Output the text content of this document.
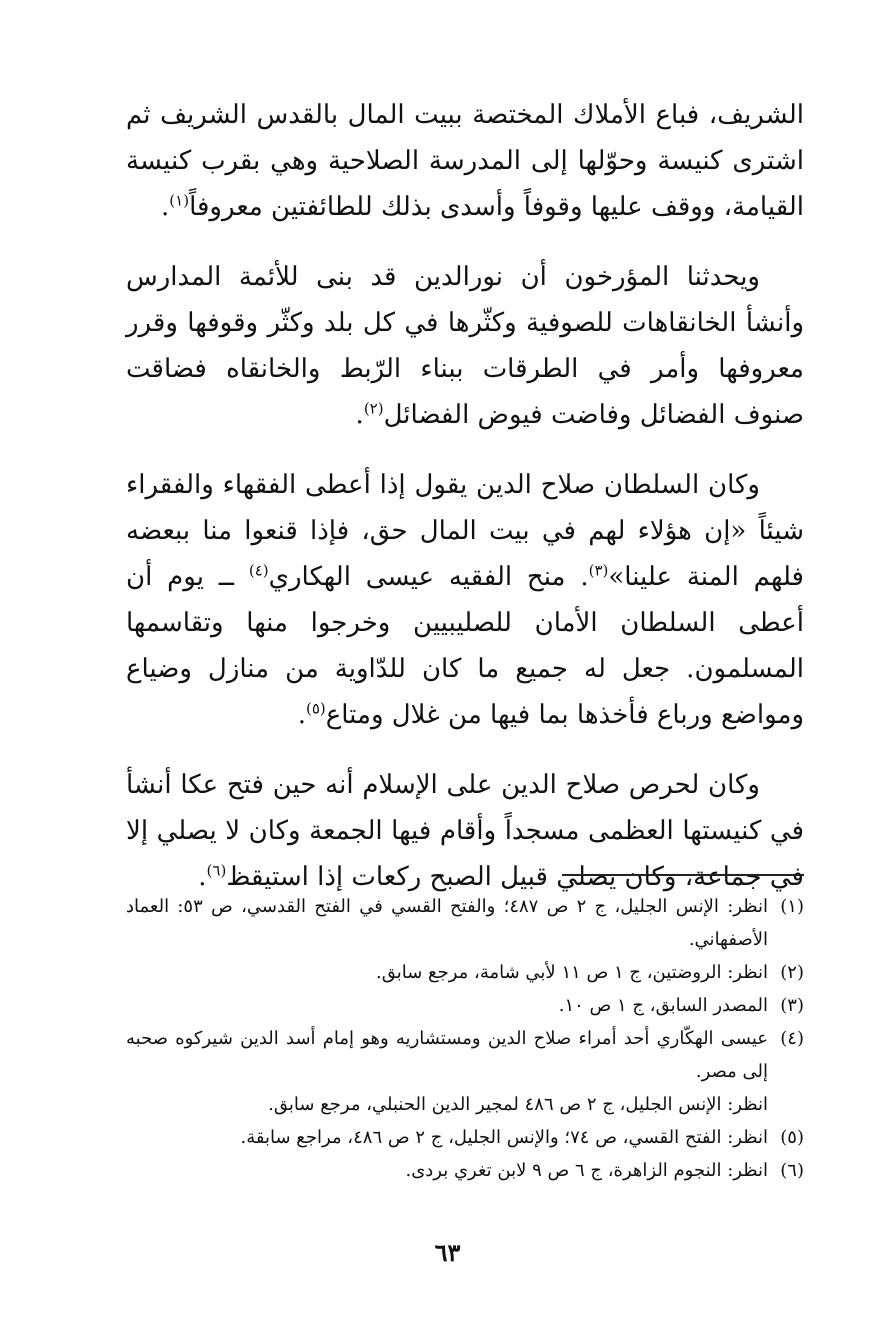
الشريف، فباع الأملاك المختصة ببيت المال بالقدس الشريف ثم اشترى كنيسة وحوّلها إلى المدرسة الصلاحية وهي بقرب كنيسة القيامة، ووقف عليها وقوفاً وأسدى بذلك للطائفتين معروفاً$^{(١)}$.

ويحدثنا المؤرخون أن نورالدين قد بنى للأئمة المدارس وأنشأ الخانقاهات للصوفية وكثّرها في كل بلد وكثّر وقوفها وقرر معروفها وأمر في الطرقات ببناء الرّبط والخانقاه فضاقت صنوف الفضائل وفاضت فيوض الفضائل$^{(٢)}$.

وكان السلطان صلاح الدين يقول إذا أعطى الفقهاء والفقراء شيئاً «إن هؤلاء لهم في بيت المال حق، فإذا قنعوا منا ببعضه فلهم المنة علينا»$^{(٣)}$. منح الفقيه عيسى الهكاري$^{(٤)}$ ــ يوم أن أعطى السلطان الأمان للصليبيين وخرجوا منها وتقاسمها المسلمون. جعل له جميع ما كان للدّاوية من منازل وضياع ومواضع ورباع فأخذها بما فيها من غلال ومتاع$^{(٥)}$.

وكان لحرص صلاح الدين على الإسلام أنه حين فتح عكا أنشأ في كنيستها العظمى مسجداً وأقام فيها الجمعة وكان لا يصلي إلا في جماعة، وكان يصلي قبيل الصبح ركعات إذا استيقظ$^{(٦)}$.

(١)
انظر: الإنس الجليل، ج ٢ ص ٤٨٧؛ والفتح القسي في الفتح القدسي، ص ٥٣: العماد الأصفهاني.

(٢)
انظر: الروضتين، ج ١ ص ١١ لأبي شامة، مرجع سابق.

(٣)
المصدر السابق، ج ١ ص ١٠.

(٤)
عيسى الهكّاري أحد أمراء صلاح الدين ومستشاريه وهو إمام أسد الدين شيركوه صحبه إلى مصر.

انظر: الإنس الجليل، ج ٢ ص ٤٨٦ لمجير الدين الحنبلي، مرجع سابق.

(٥)
انظر: الفتح القسي، ص ٧٤؛ والإنس الجليل، ج ٢ ص ٤٨٦، مراجع سابقة.

(٦)
انظر: النجوم الزاهرة، ج ٦ ص ٩ لابن تغري بردى.

٦٣
